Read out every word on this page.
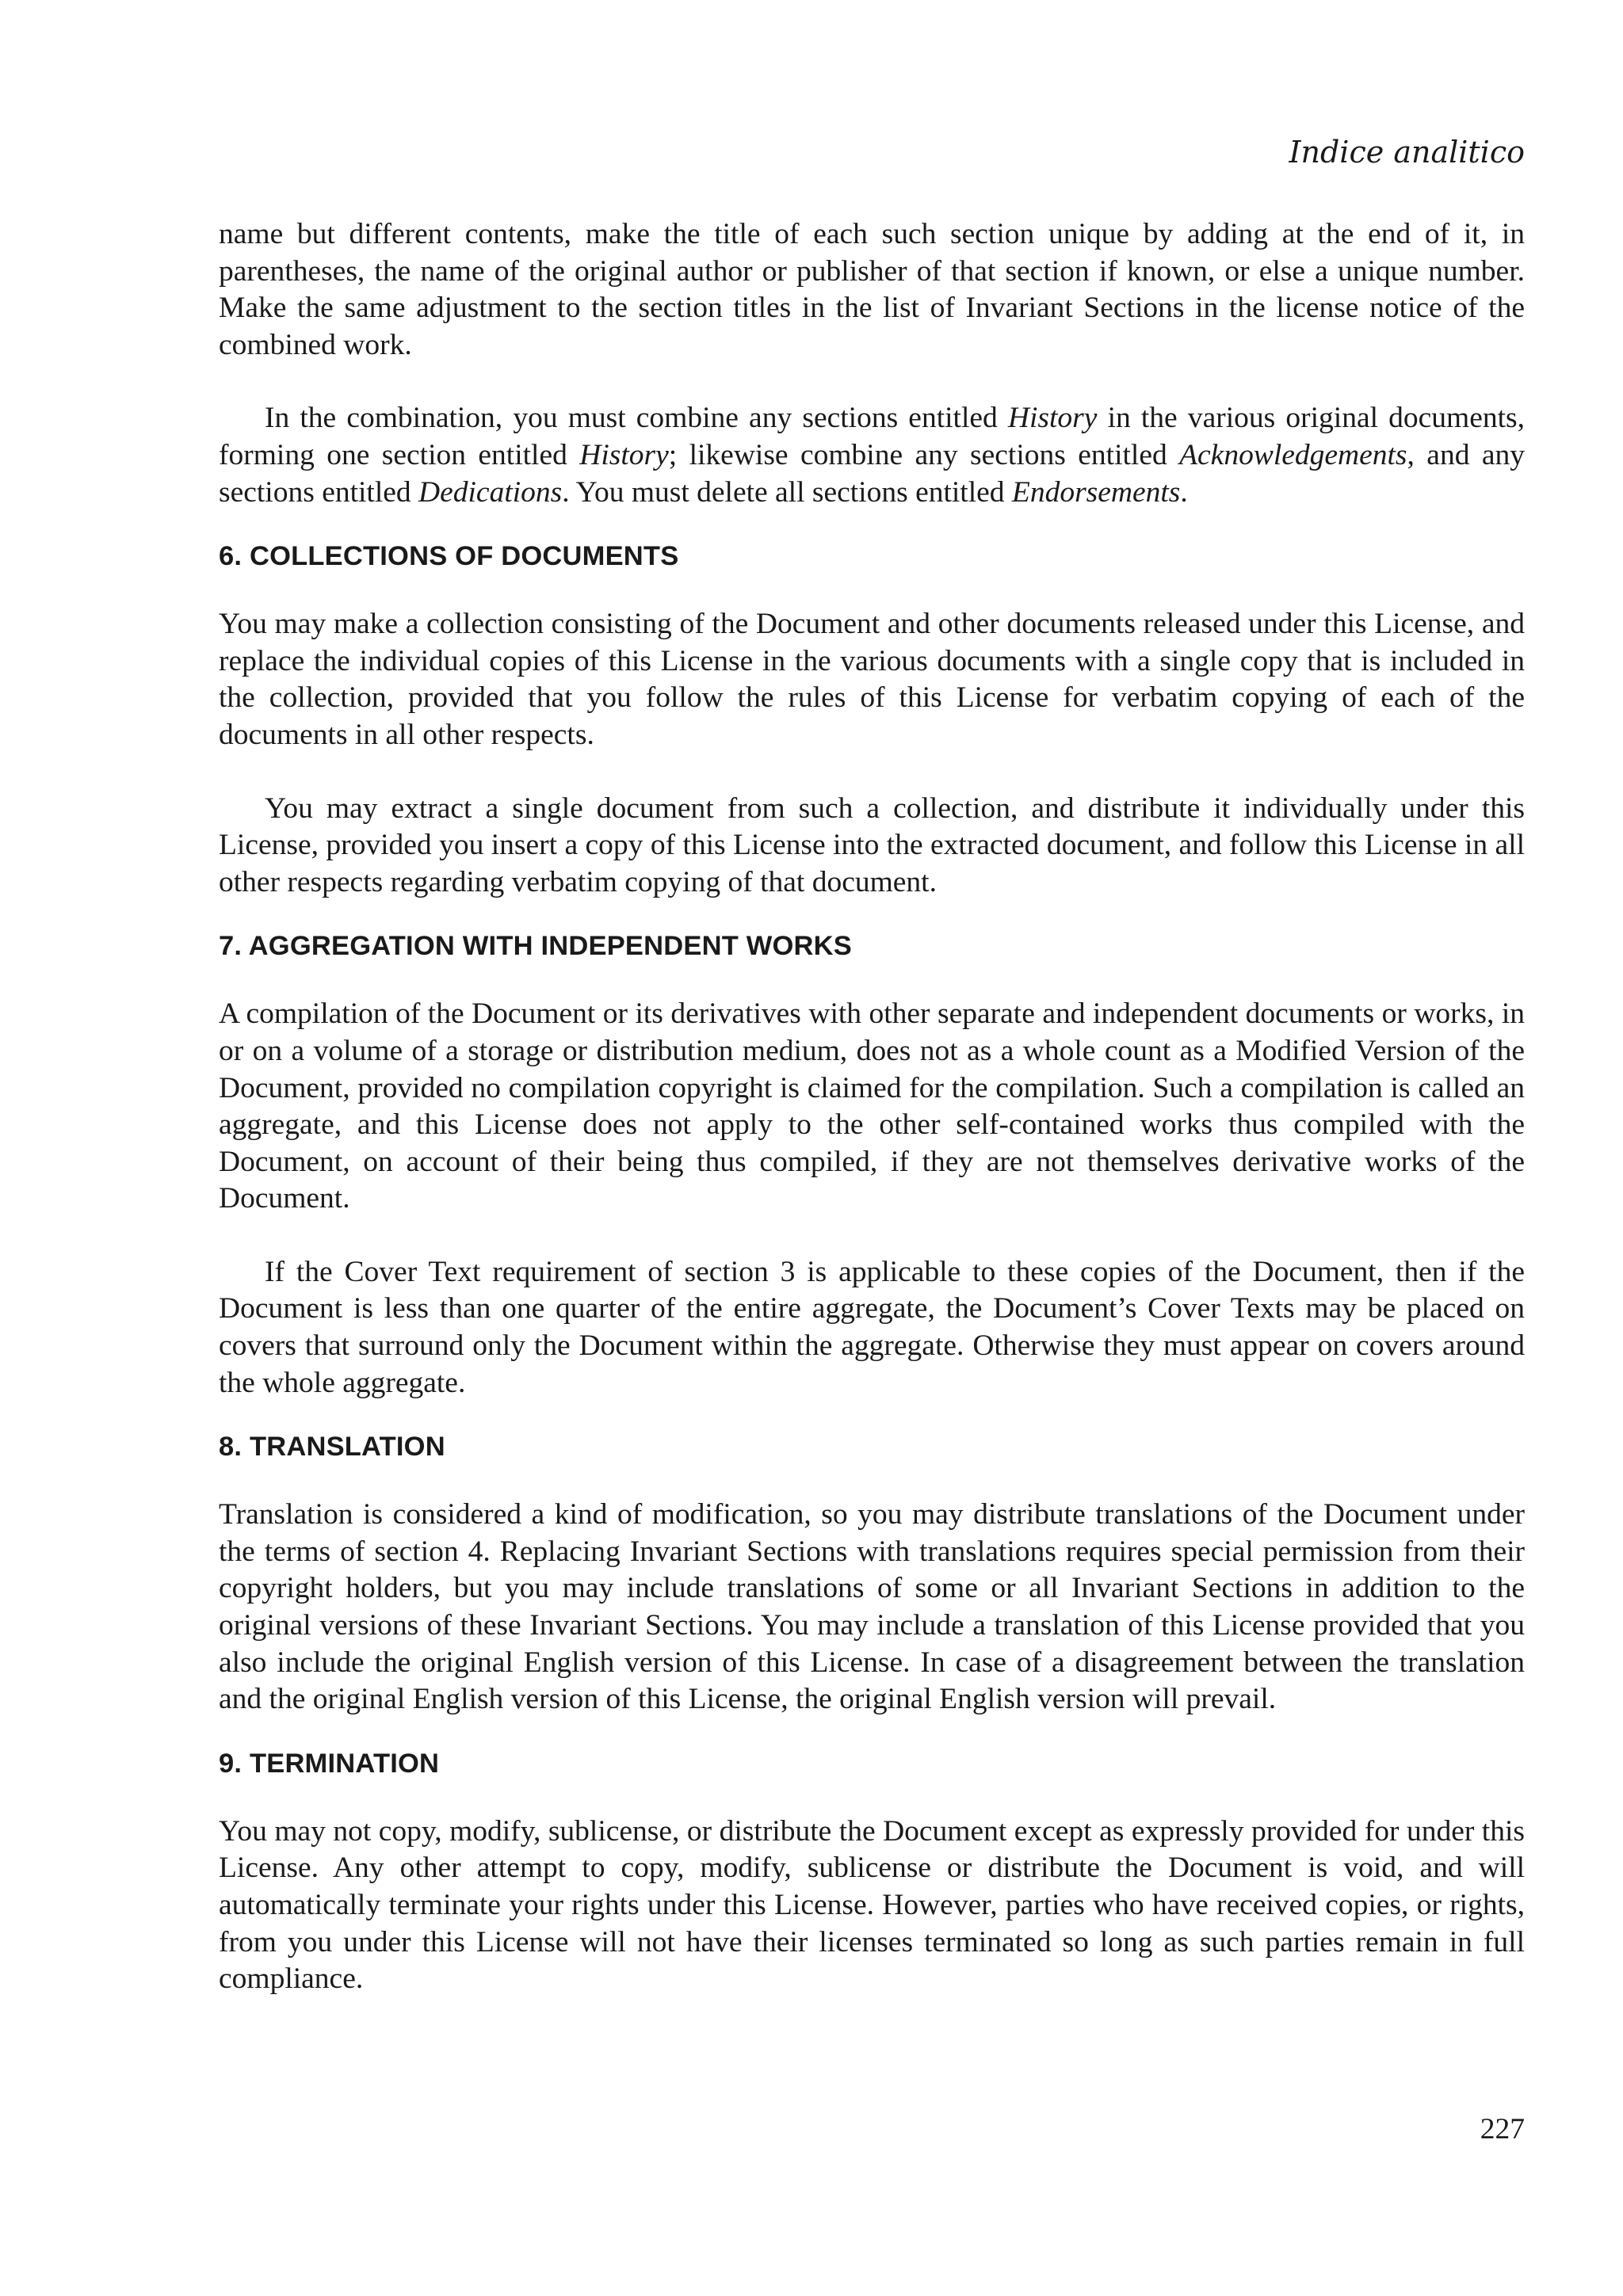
Indice analitico

name but different contents, make the title of each such section unique by adding at the end of it, in parentheses, the name of the original author or publisher of that section if known, or else a unique number. Make the same adjustment to the section titles in the list of Invariant Sections in the license notice of the combined work.

In the combination, you must combine any sections entitled History in the various original documents, forming one section entitled History; likewise combine any sections entitled Acknowledgements, and any sections entitled Dedications. You must delete all sections entitled Endorsements.

6. COLLECTIONS OF DOCUMENTS

You may make a collection consisting of the Document and other documents released under this License, and replace the individual copies of this License in the various documents with a single copy that is included in the collection, provided that you follow the rules of this License for verbatim copying of each of the documents in all other respects.

You may extract a single document from such a collection, and distribute it individually under this License, provided you insert a copy of this License into the extracted document, and follow this License in all other respects regarding verbatim copying of that document.

7. AGGREGATION WITH INDEPENDENT WORKS

A compilation of the Document or its derivatives with other separate and independent documents or works, in or on a volume of a storage or distribution medium, does not as a whole count as a Modified Version of the Document, provided no compilation copyright is claimed for the compilation. Such a compilation is called an aggregate, and this License does not apply to the other self-contained works thus compiled with the Document, on account of their being thus compiled, if they are not themselves derivative works of the Document.

If the Cover Text requirement of section 3 is applicable to these copies of the Document, then if the Document is less than one quarter of the entire aggregate, the Document’s Cover Texts may be placed on covers that surround only the Document within the aggregate. Otherwise they must appear on covers around the whole aggregate.

8. TRANSLATION

Translation is considered a kind of modification, so you may distribute translations of the Document under the terms of section 4. Replacing Invariant Sections with translations requires special permission from their copyright holders, but you may include translations of some or all Invariant Sections in addition to the original versions of these Invariant Sections. You may include a translation of this License provided that you also include the original English version of this License. In case of a disagreement between the translation and the original English version of this License, the original English version will prevail.

9. TERMINATION

You may not copy, modify, sublicense, or distribute the Document except as expressly provided for under this License. Any other attempt to copy, modify, sublicense or distribute the Document is void, and will automatically terminate your rights under this License. However, parties who have received copies, or rights, from you under this License will not have their licenses terminated so long as such parties remain in full compliance.

227
